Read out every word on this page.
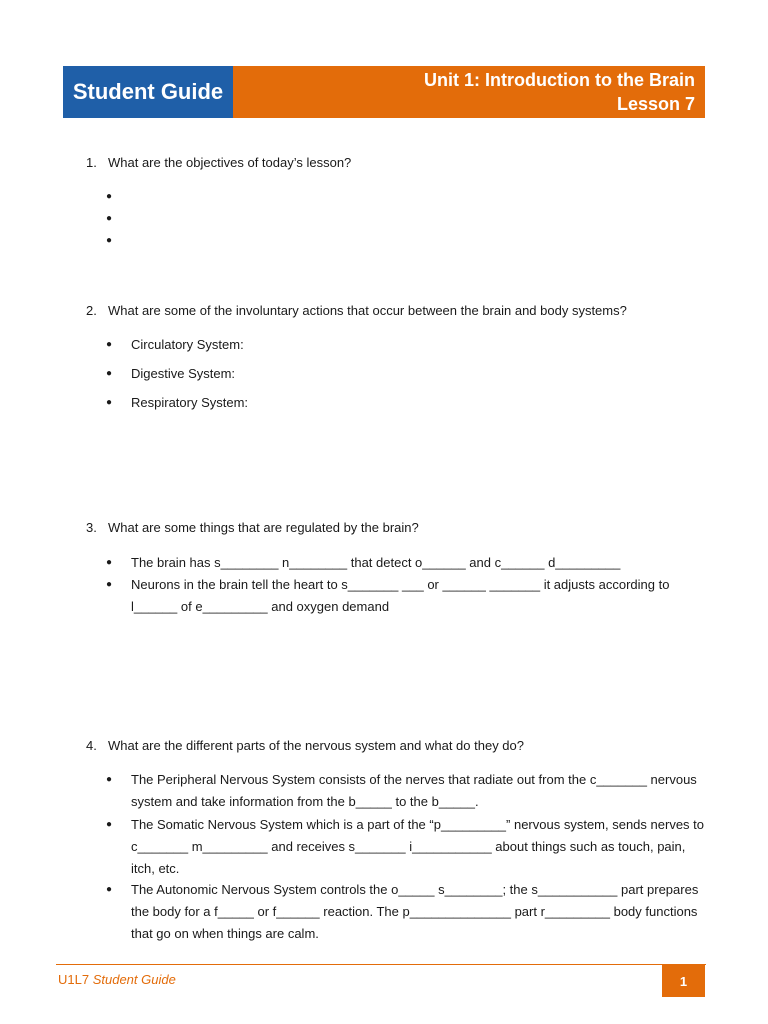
Student Guide	Unit 1: Introduction to the Brain
Lesson 7
1. What are the objectives of today’s lesson?
●
●
●
2. What are some of the involuntary actions that occur between the brain and body systems?
●	Circulatory System:
●	Digestive System:
●	Respiratory System:
3. What are some things that are regulated by the brain?
●	The brain has s________ n________ that detect o______ and c______ d_________
●	Neurons in the brain tell the heart to s_______ ___ or ______ _______ it adjusts according to l______ of e_________ and oxygen demand
4. What are the different parts of the nervous system and what do they do?
●	The Peripheral Nervous System consists of the nerves that radiate out from the c_______ nervous system and take information from the b_____ to the b_____.
●	The Somatic Nervous System which is a part of the “p_________” nervous system, sends nerves to c_______ m_________ and receives s_______ i___________ about things such as touch, pain, itch, etc.
●	The Autonomic Nervous System controls the o_____ s________; the s___________ part prepares the body for a f_____ or f______ reaction. The p______________ part r_________ body functions that go on when things are calm.
U1L7 Student Guide	1
